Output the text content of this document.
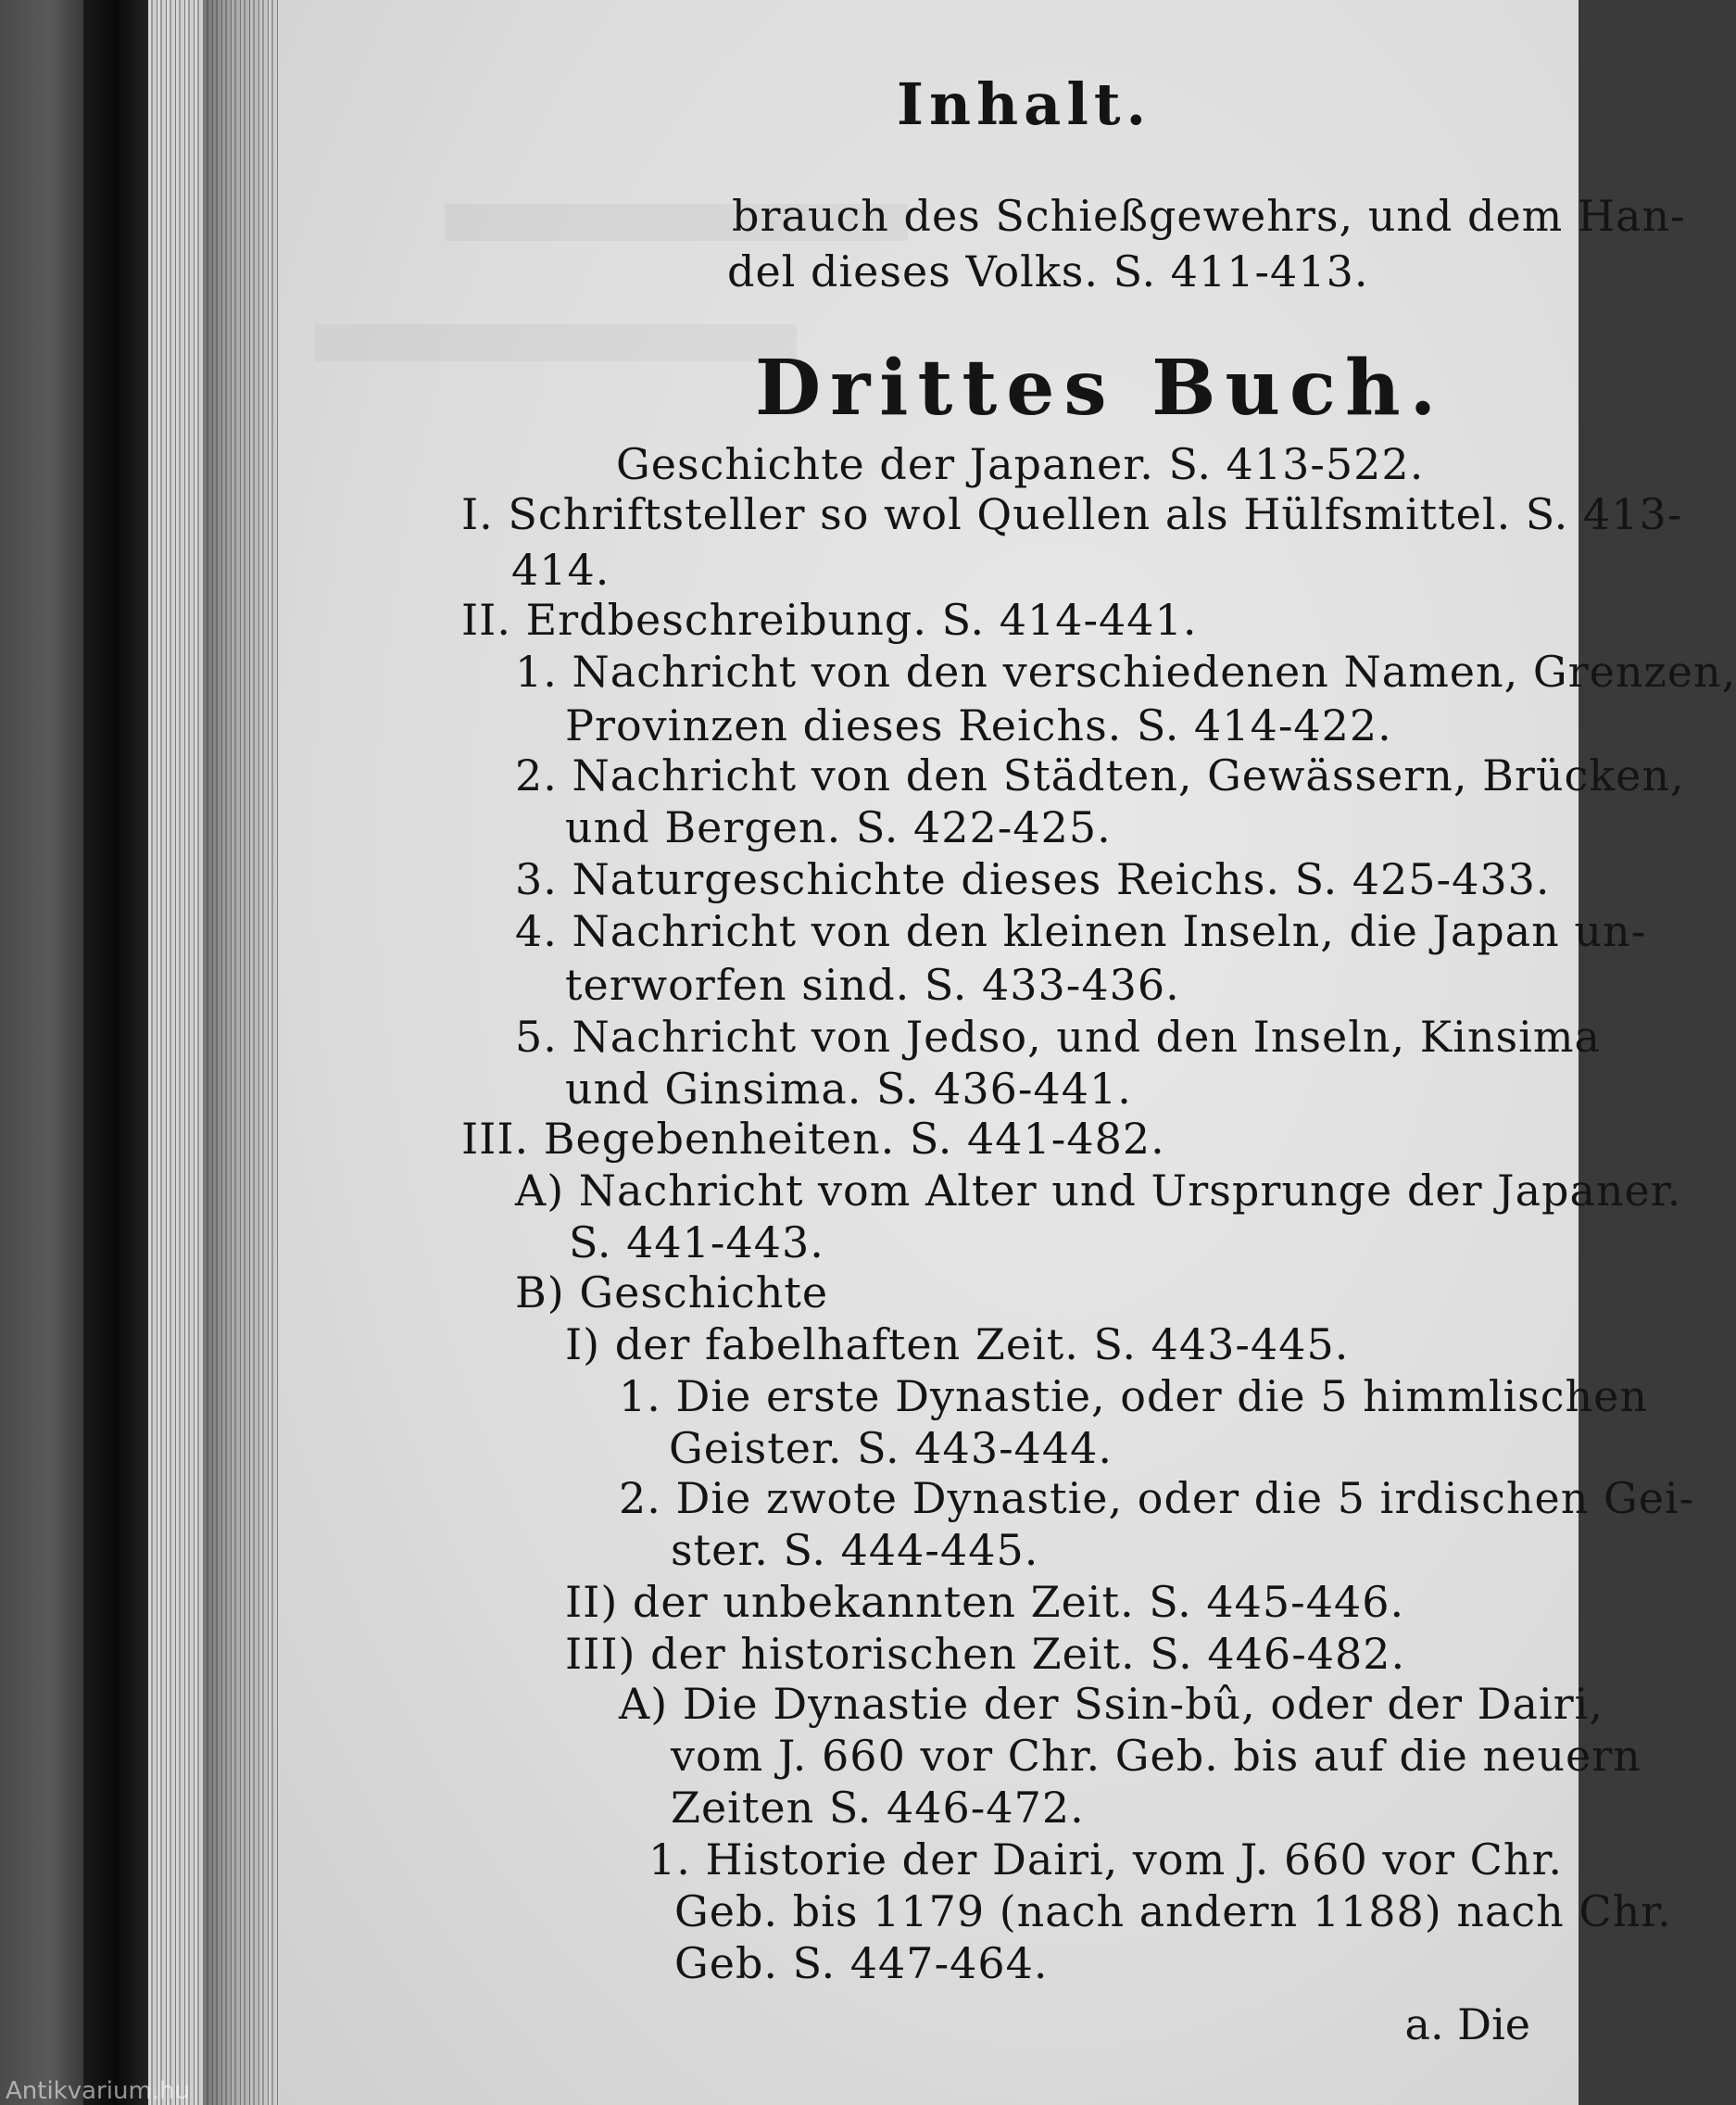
Inhalt.
brauch des Schießgewehrs, und dem Han-
del dieses Volks. S. 411-413.
Drittes Buch.
Geschichte der Japaner. S. 413-522.
I. Schriftsteller so wol Quellen als Hülfsmittel. S. 413-
414.
II. Erdbeschreibung. S. 414-441.
1. Nachricht von den verschiedenen Namen, Grenzen,
Provinzen dieses Reichs. S. 414-422.
2. Nachricht von den Städten, Gewässern, Brücken,
und Bergen. S. 422-425.
3. Naturgeschichte dieses Reichs. S. 425-433.
4. Nachricht von den kleinen Inseln, die Japan un-
terworfen sind. S. 433-436.
5. Nachricht von Jedso, und den Inseln, Kinsima
und Ginsima. S. 436-441.
III. Begebenheiten. S. 441-482.
A) Nachricht vom Alter und Ursprunge der Japaner.
S. 441-443.
B) Geschichte
I) der fabelhaften Zeit. S. 443-445.
1. Die erste Dynastie, oder die 5 himmlischen
Geister. S. 443-444.
2. Die zwote Dynastie, oder die 5 irdischen Gei-
ster. S. 444-445.
II) der unbekannten Zeit. S. 445-446.
III) der historischen Zeit. S. 446-482.
A) Die Dynastie der Ssin-bû, oder der Dairi,
vom J. 660 vor Chr. Geb. bis auf die neuern
Zeiten S. 446-472.
1. Historie der Dairi, vom J. 660 vor Chr.
Geb. bis 1179 (nach andern 1188) nach Chr.
Geb. S. 447-464.
a. Die
Antikvarium.hu
